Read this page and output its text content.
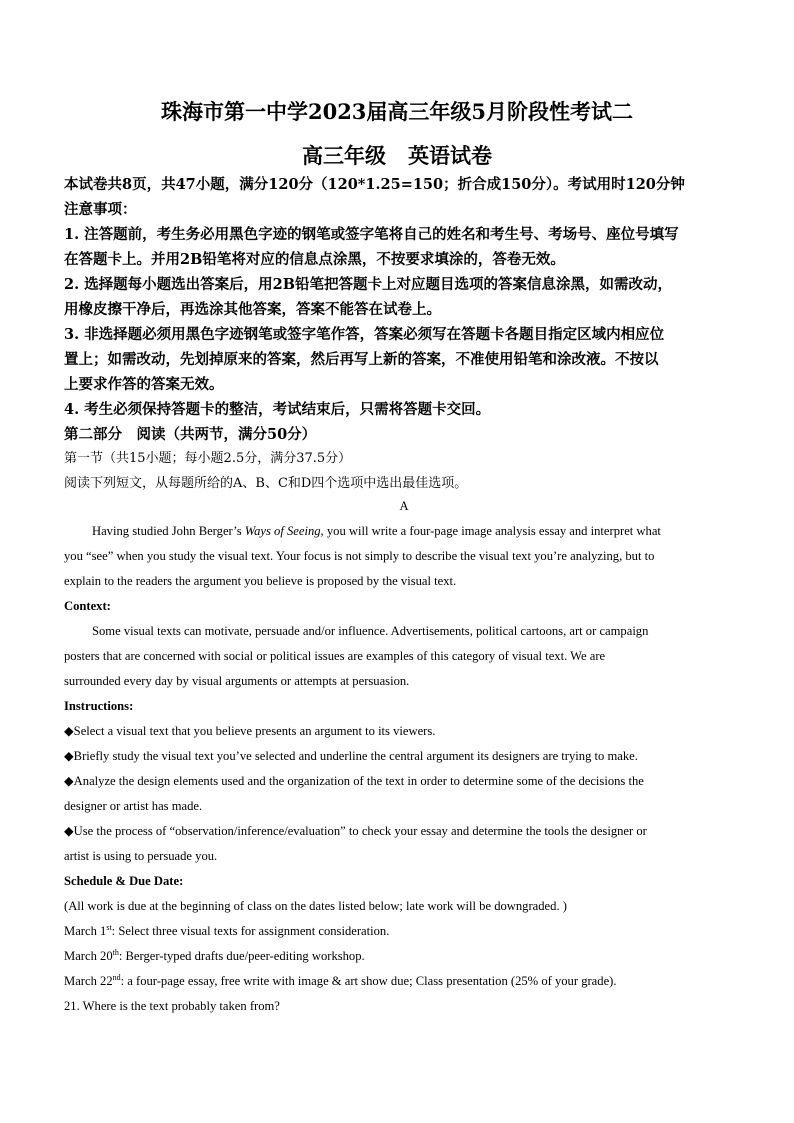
珠海市第一中学2023届高三年级5月阶段性考试二
高三年级 英语试卷

本试卷共8页，共47小题，满分120分（120*1.25=150；折合成150分）。考试用时120分钟

注意事项：

1. 注答题前，考生务必用黑色字迹的钢笔或签字笔将自己的姓名和考生号、考场号、座位号填写

在答题卡上。并用2B铅笔将对应的信息点涂黑，不按要求填涂的，答卷无效。

2. 选择题每小题选出答案后，用2B铅笔把答题卡上对应题目选项的答案信息涂黑，如需改动，

用橡皮擦干净后，再选涂其他答案，答案不能答在试卷上。

3. 非选择题必须用黑色字迹钢笔或签字笔作答，答案必须写在答题卡各题目指定区域内相应位

置上；如需改动，先划掉原来的答案，然后再写上新的答案，不准使用铅笔和涂改液。不按以

上要求作答的答案无效。

4. 考生必须保持答题卡的整洁，考试结束后，只需将答题卡交回。

第二部分　阅读（共两节，满分50分）

第一节（共15小题；每小题2.5分，满分37.5分）

阅读下列短文，从每题所给的A、B、C和D四个选项中选出最佳选项。

A

Having studied John Berger’s Ways of Seeing, you will write a four-page image analysis essay and interpret what

you “see” when you study the visual text. Your focus is not simply to describe the visual text you’re analyzing, but to

explain to the readers the argument you believe is proposed by the visual text.

Context:

Some visual texts can motivate, persuade and/or influence. Advertisements, political cartoons, art or campaign

posters that are concerned with social or political issues are examples of this category of visual text. We are

surrounded every day by visual arguments or attempts at persuasion.

Instructions:

◆Select a visual text that you believe presents an argument to its viewers.

◆Briefly study the visual text you’ve selected and underline the central argument its designers are trying to make.

◆Analyze the design elements used and the organization of the text in order to determine some of the decisions the

designer or artist has made.

◆Use the process of “observation/inference/evaluation” to check your essay and determine the tools the designer or

artist is using to persuade you.

Schedule & Due Date:

(All work is due at the beginning of class on the dates listed below; late work will be downgraded. )

March 1st: Select three visual texts for assignment consideration.

March 20th: Berger-typed drafts due/peer-editing workshop.

March 22nd: a four-page essay, free write with image & art show due; Class presentation (25% of your grade).

21. Where is the text probably taken from?
